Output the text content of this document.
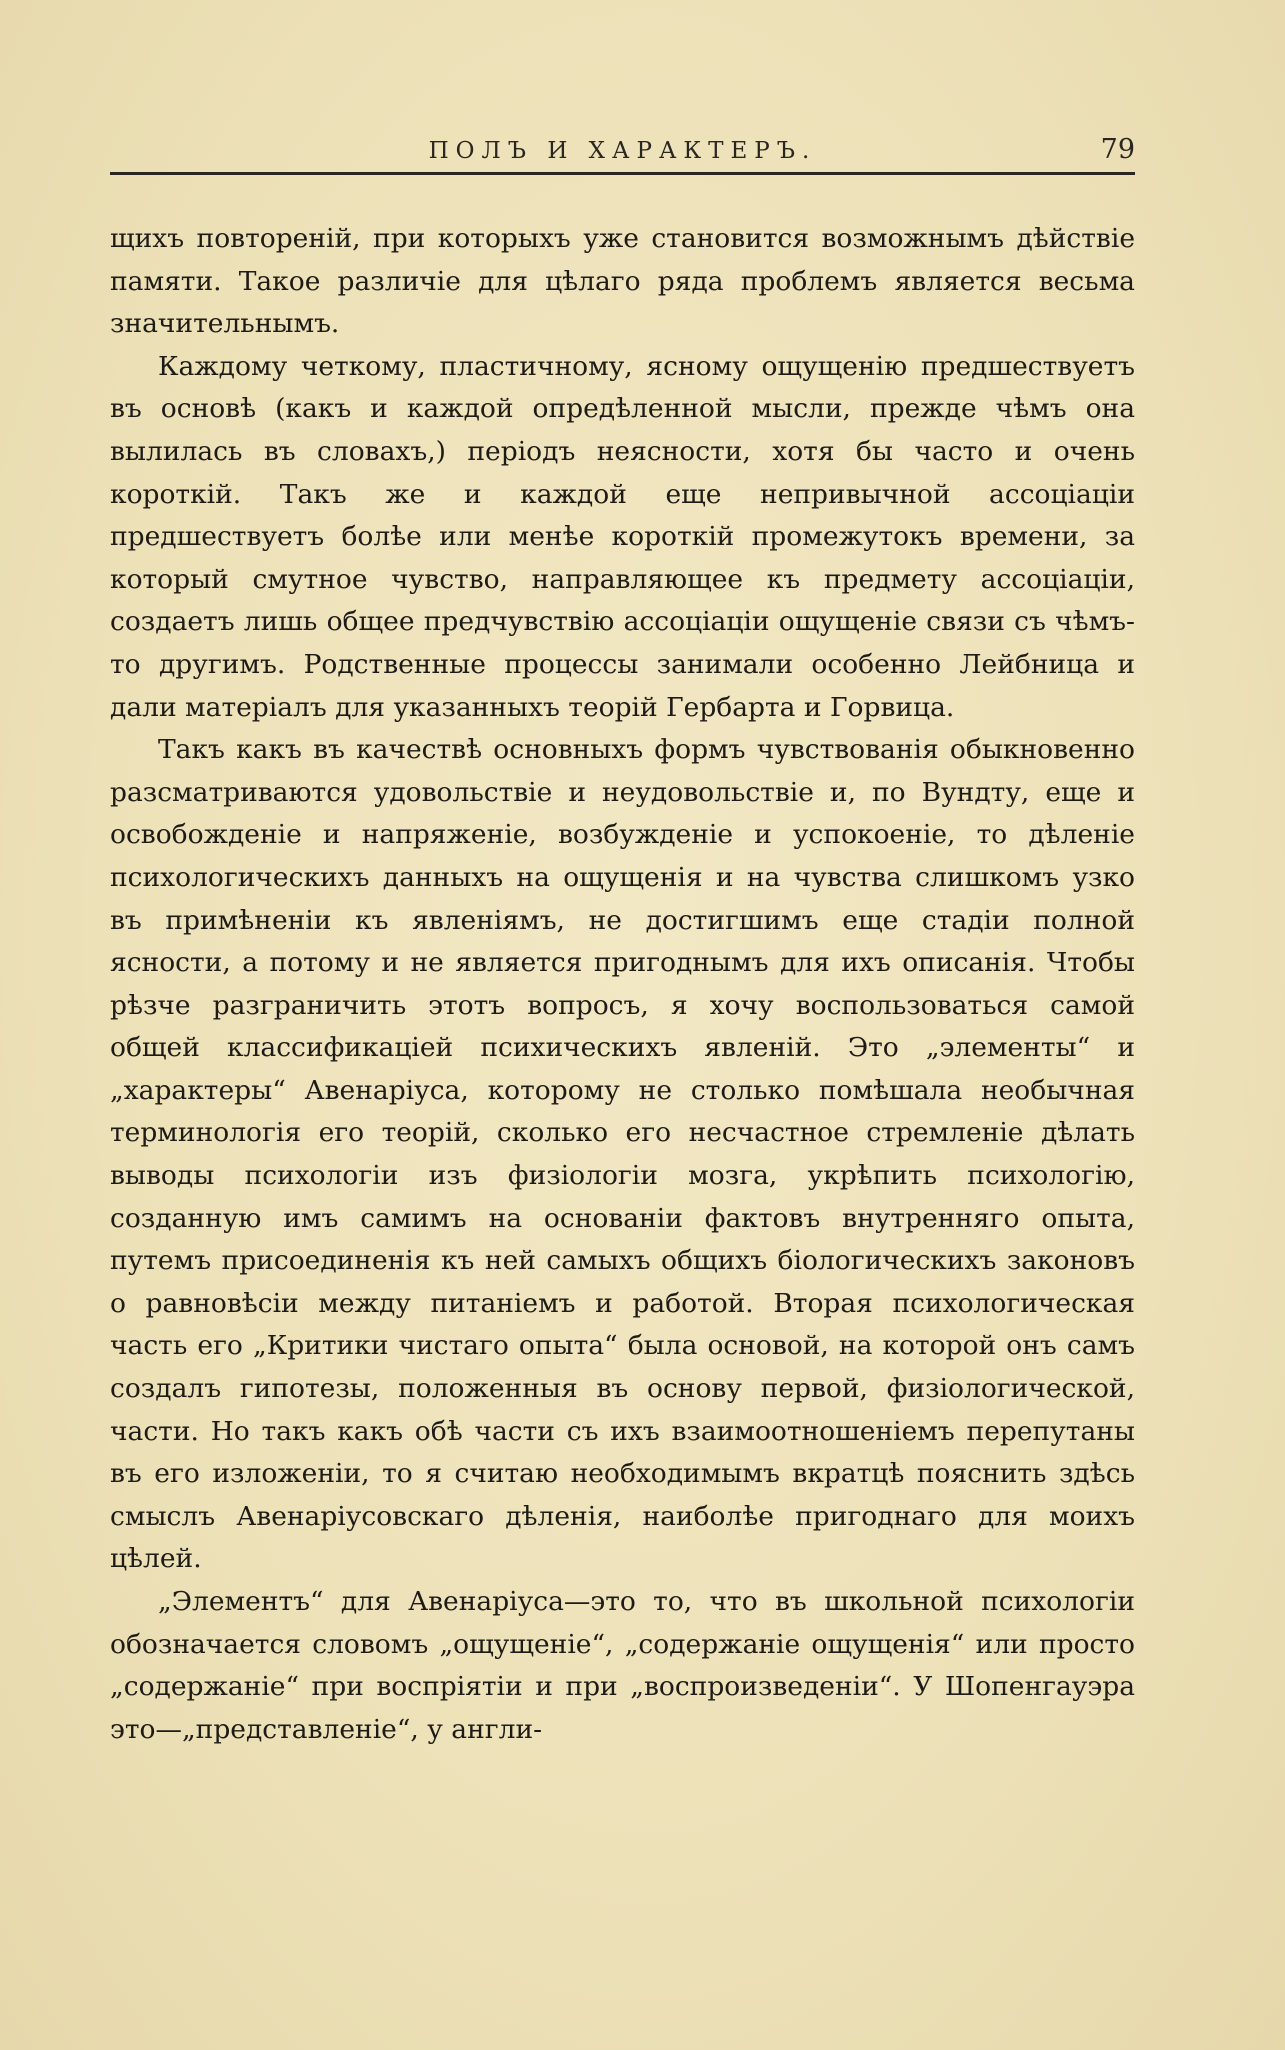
ПОЛЪ И ХАРАКТЕРЪ.	79

щихъ повтореній, при которыхъ уже становится возможнымъ дѣйствіе памяти. Такое различіе для цѣлаго ряда проблемъ является весьма значительнымъ.

Каждому четкому, пластичному, ясному ощущенію предшествуетъ въ основѣ (какъ и каждой опредѣленной мысли, прежде чѣмъ она вылилась въ словахъ,) періодъ неясности, хотя бы часто и очень короткій. Такъ же и каждой еще непривычной ассоціаціи предшествуетъ болѣе или менѣе короткій промежутокъ времени, за который смутное чувство, направляющее къ предмету ассоціаціи, создаетъ лишь общее предчувствію ассоціаціи ощущеніе связи съ чѣмъ-то другимъ. Родственные процессы занимали особенно Лейбница и дали матеріалъ для указанныхъ теорій Гербарта и Горвица.

Такъ какъ въ качествѣ основныхъ формъ чувствованія обыкновенно разсматриваются удовольствіе и неудовольствіе и, по Вундту, еще и освобожденіе и напряженіе, возбужденіе и успокоеніе, то дѣленіе психологическихъ данныхъ на ощущенія и на чувства слишкомъ узко въ примѣненіи къ явленіямъ, не достигшимъ еще стадіи полной ясности, а потому и не является пригоднымъ для ихъ описанія. Чтобы рѣзче разграничить этотъ вопросъ, я хочу воспользоваться самой общей классификаціей психическихъ явленій. Это „элементы“ и „характеры“ Авенаріуса, которому не столько помѣшала необычная терминологія его теорій, сколько его несчастное стремленіе дѣлать выводы психологіи изъ физіологіи мозга, укрѣпить психологію, созданную имъ самимъ на основаніи фактовъ внутренняго опыта, путемъ присоединенія къ ней самыхъ общихъ біологическихъ законовъ о равновѣсіи между питаніемъ и работой. Вторая психологическая часть его „Критики чистаго опыта“ была основой, на которой онъ самъ создалъ гипотезы, положенныя въ основу первой, физіологической, части. Но такъ какъ обѣ части съ ихъ взаимоотношеніемъ перепутаны въ его изложеніи, то я считаю необходимымъ вкратцѣ пояснить здѣсь смыслъ Авенаріусовскаго дѣленія, наиболѣе пригоднаго для моихъ цѣлей.

„Элементъ“ для Авенаріуса—это то, что въ школьной психологіи обозначается словомъ „ощущеніе“, „содержаніе ощущенія“ или просто „содержаніе“ при воспріятіи и при „воспроизведеніи“. У Шопенгауэра это—„представленіе“, у англи-
